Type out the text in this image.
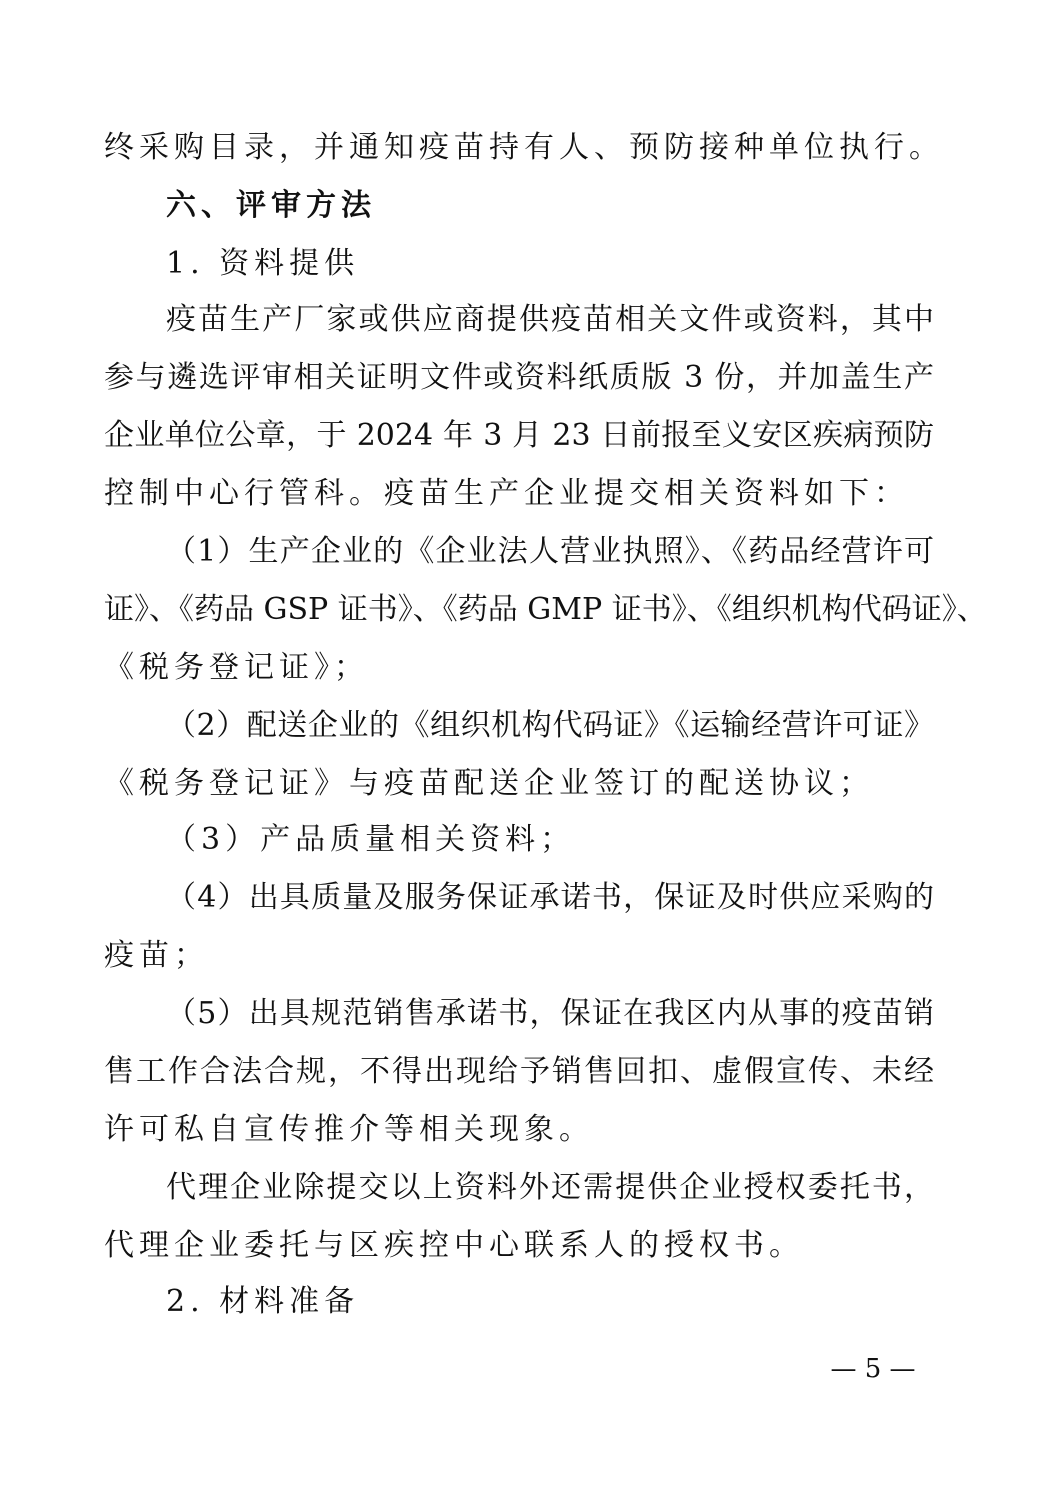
终采购目录，并通知疫苗持有人、预防接种单位执行。

六、评审方法

1. 资料提供

疫苗生产厂家或供应商提供疫苗相关文件或资料，其中

参与遴选评审相关证明文件或资料纸质版 3 份，并加盖生产

企业单位公章，于 2024 年 3 月 23 日前报至义安区疾病预防

控制中心行管科。疫苗生产企业提交相关资料如下：

（1）生产企业的《企业法人营业执照》、《药品经营许可

证》、《药品 GSP 证书》、《药品 GMP 证书》、《组织机构代码证》、

《税务登记证》；

（2）配送企业的《组织机构代码证》《运输经营许可证》

《税务登记证》与疫苗配送企业签订的配送协议；

（3）产品质量相关资料；

（4）出具质量及服务保证承诺书，保证及时供应采购的

疫苗；

（5）出具规范销售承诺书，保证在我区内从事的疫苗销

售工作合法合规，不得出现给予销售回扣、虚假宣传、未经

许可私自宣传推介等相关现象。

代理企业除提交以上资料外还需提供企业授权委托书，

代理企业委托与区疾控中心联系人的授权书。

2. 材料准备

— 5 —
